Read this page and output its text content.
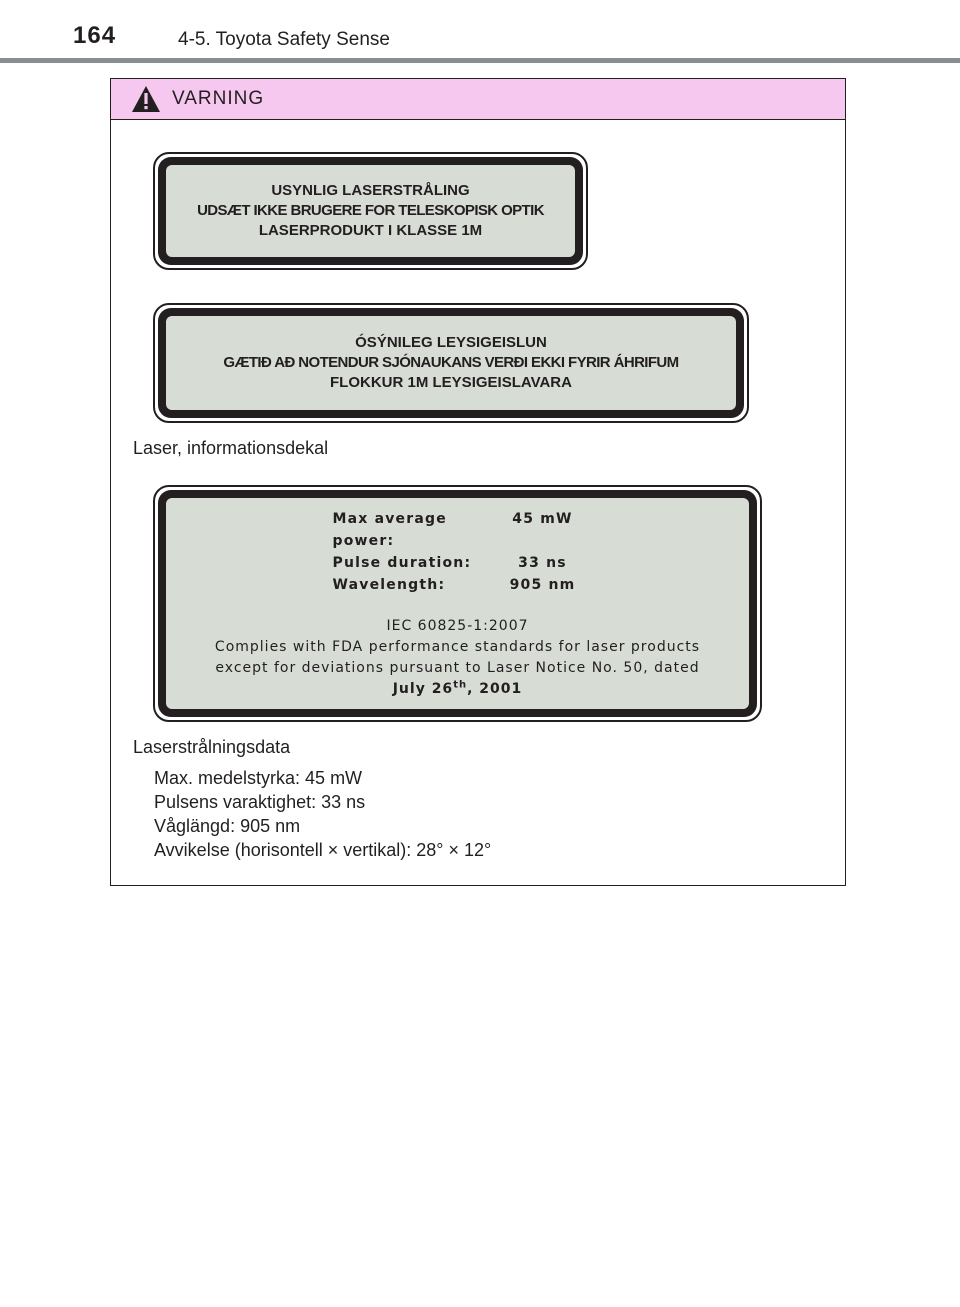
164	4-5. Toyota Safety Sense
VARNING
USYNLIG LASERSTRÅLING
UDSÆT IKKE BRUGERE FOR TELESKOPISK OPTIK
LASERPRODUKT I KLASSE 1M
ÓSÝNILEG LEYSIGEISLUN
GÆTIÐ AÐ NOTENDUR SJÓNAUKANS VERÐI EKKI FYRIR ÁHRIFUM
FLOKKUR 1M LEYSIGEISLAVARA
Laser, informationsdekal
Max average power:
45 mW
Pulse duration:	33 ns
Wavelength:	905 nm
IEC 60825-1:2007
Complies with FDA performance standards for laser products
except for deviations pursuant to Laser Notice No. 50, dated
July 26th, 2001
Laserstrålningsdata
Max. medelstyrka: 45 mW
Pulsens varaktighet: 33 ns
Våglängd: 905 nm
Avvikelse (horisontell × vertikal): 28° × 12°
